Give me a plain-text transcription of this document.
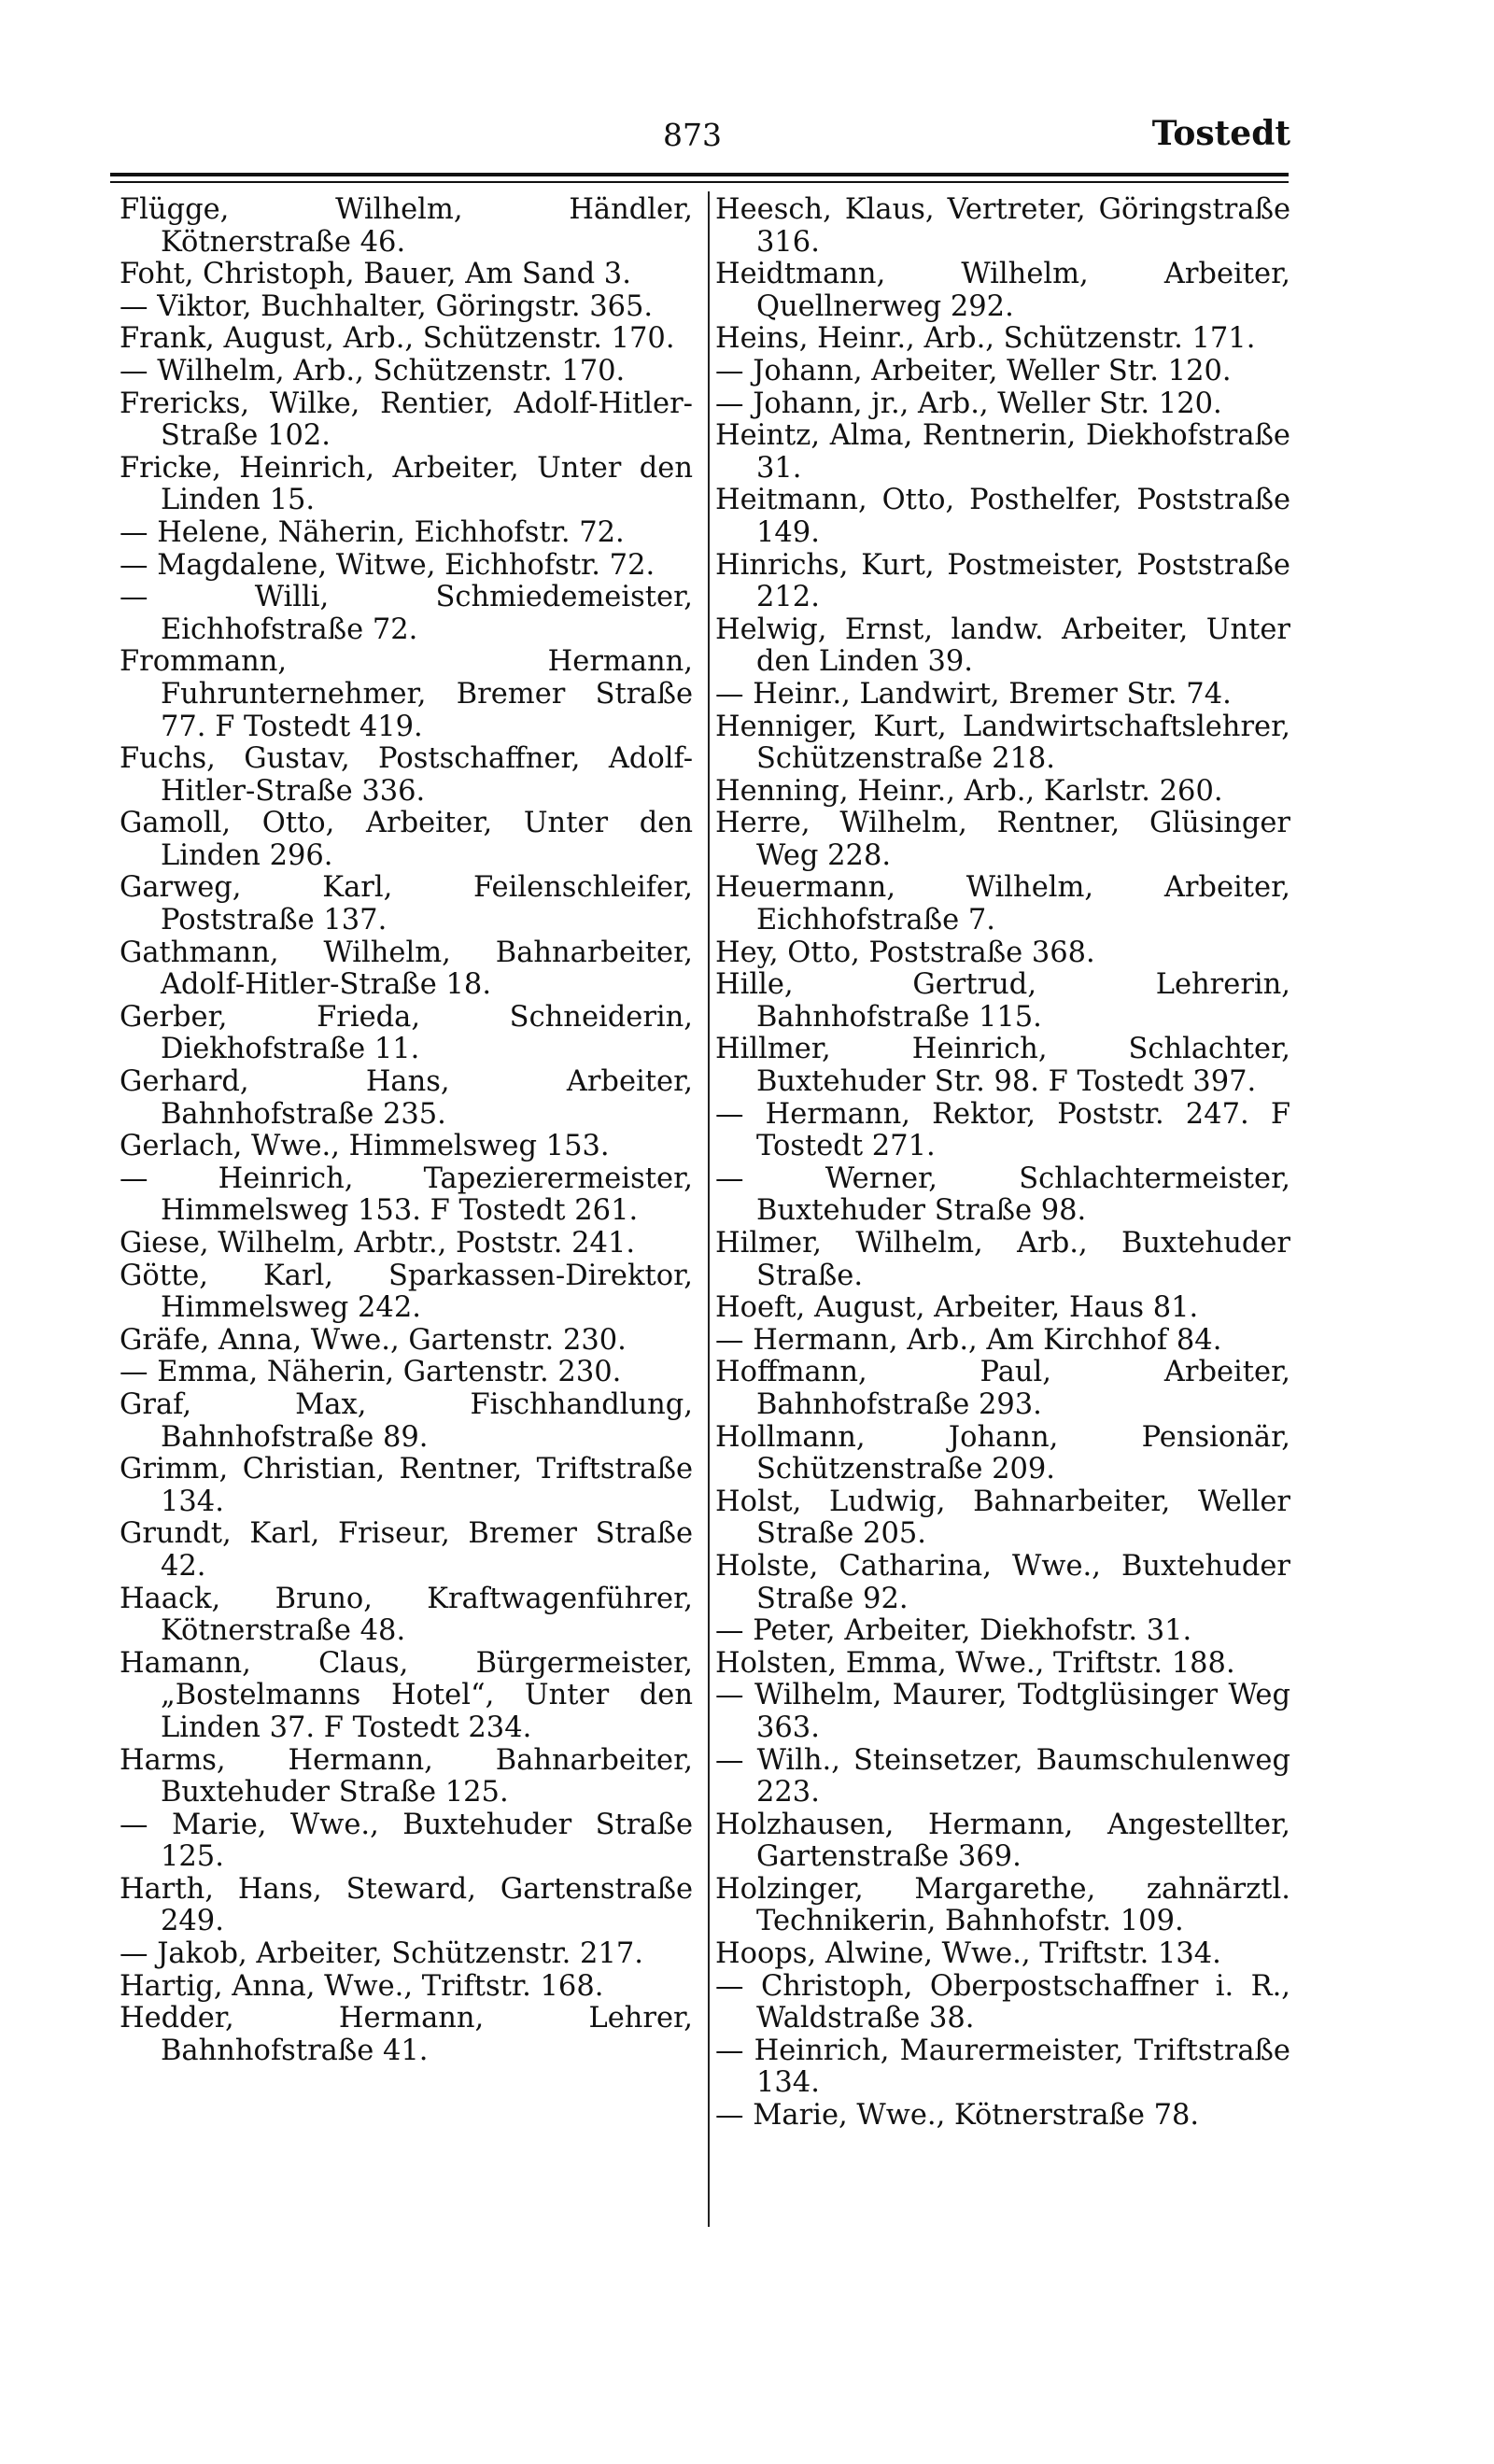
873	Tostedt

Flügge, Wilhelm, Händler, Kötnerstraße 46.

Foht, Christoph, Bauer, Am Sand 3.

— Viktor, Buchhalter, Göringstr. 365.

Frank, August, Arb., Schützenstr. 170.

— Wilhelm, Arb., Schützenstr. 170.

Frericks, Wilke, Rentier, Adolf-Hitler-Straße 102.

Fricke, Heinrich, Arbeiter, Unter den Linden 15.

— Helene, Näherin, Eichhofstr. 72.

— Magdalene, Witwe, Eichhofstr. 72.

— Willi, Schmiedemeister, Eichhofstraße 72.

Frommann, Hermann, Fuhrunternehmer, Bremer Straße 77. F Tostedt 419.

Fuchs, Gustav, Postschaffner, Adolf-Hitler-Straße 336.

Gamoll, Otto, Arbeiter, Unter den Linden 296.

Garweg, Karl, Feilenschleifer, Poststraße 137.

Gathmann, Wilhelm, Bahnarbeiter, Adolf-Hitler-Straße 18.

Gerber, Frieda, Schneiderin, Diekhofstraße 11.

Gerhard, Hans, Arbeiter, Bahnhofstraße 235.

Gerlach, Wwe., Himmelsweg 153.

— Heinrich, Tapezierermeister, Himmelsweg 153. F Tostedt 261.

Giese, Wilhelm, Arbtr., Poststr. 241.

Götte, Karl, Sparkassen-Direktor, Himmelsweg 242.

Gräfe, Anna, Wwe., Gartenstr. 230.

— Emma, Näherin, Gartenstr. 230.

Graf, Max, Fischhandlung, Bahnhofstraße 89.

Grimm, Christian, Rentner, Triftstraße 134.

Grundt, Karl, Friseur, Bremer Straße 42.

Haack, Bruno, Kraftwagenführer, Kötnerstraße 48.

Hamann, Claus, Bürgermeister, „Bostelmanns Hotel“, Unter den Linden 37. F Tostedt 234.

Harms, Hermann, Bahnarbeiter, Buxtehuder Straße 125.

— Marie, Wwe., Buxtehuder Straße 125.

Harth, Hans, Steward, Gartenstraße 249.

— Jakob, Arbeiter, Schützenstr. 217.

Hartig, Anna, Wwe., Triftstr. 168.

Hedder, Hermann, Lehrer, Bahnhofstraße 41.

Heesch, Klaus, Vertreter, Göringstraße 316.

Heidtmann, Wilhelm, Arbeiter, Quellnerweg 292.

Heins, Heinr., Arb., Schützenstr. 171.

— Johann, Arbeiter, Weller Str. 120.

— Johann, jr., Arb., Weller Str. 120.

Heintz, Alma, Rentnerin, Diekhofstraße 31.

Heitmann, Otto, Posthelfer, Poststraße 149.

Hinrichs, Kurt, Postmeister, Poststraße 212.

Helwig, Ernst, landw. Arbeiter, Unter den Linden 39.

— Heinr., Landwirt, Bremer Str. 74.

Henniger, Kurt, Landwirtschaftslehrer, Schützenstraße 218.

Henning, Heinr., Arb., Karlstr. 260.

Herre, Wilhelm, Rentner, Glüsinger Weg 228.

Heuermann, Wilhelm, Arbeiter, Eichhofstraße 7.

Hey, Otto, Poststraße 368.

Hille, Gertrud, Lehrerin, Bahnhofstraße 115.

Hillmer, Heinrich, Schlachter, Buxtehuder Str. 98. F Tostedt 397.

— Hermann, Rektor, Poststr. 247. F Tostedt 271.

— Werner, Schlachtermeister, Buxtehuder Straße 98.

Hilmer, Wilhelm, Arb., Buxtehuder Straße.

Hoeft, August, Arbeiter, Haus 81.

— Hermann, Arb., Am Kirchhof 84.

Hoffmann, Paul, Arbeiter, Bahnhofstraße 293.

Hollmann, Johann, Pensionär, Schützenstraße 209.

Holst, Ludwig, Bahnarbeiter, Weller Straße 205.

Holste, Catharina, Wwe., Buxtehuder Straße 92.

— Peter, Arbeiter, Diekhofstr. 31.

Holsten, Emma, Wwe., Triftstr. 188.

— Wilhelm, Maurer, Todtglüsinger Weg 363.

— Wilh., Steinsetzer, Baumschulenweg 223.

Holzhausen, Hermann, Angestellter, Gartenstraße 369.

Holzinger, Margarethe, zahnärztl. Technikerin, Bahnhofstr. 109.

Hoops, Alwine, Wwe., Triftstr. 134.

— Christoph, Oberpostschaffner i. R., Waldstraße 38.

— Heinrich, Maurermeister, Triftstraße 134.

— Marie, Wwe., Kötnerstraße 78.
